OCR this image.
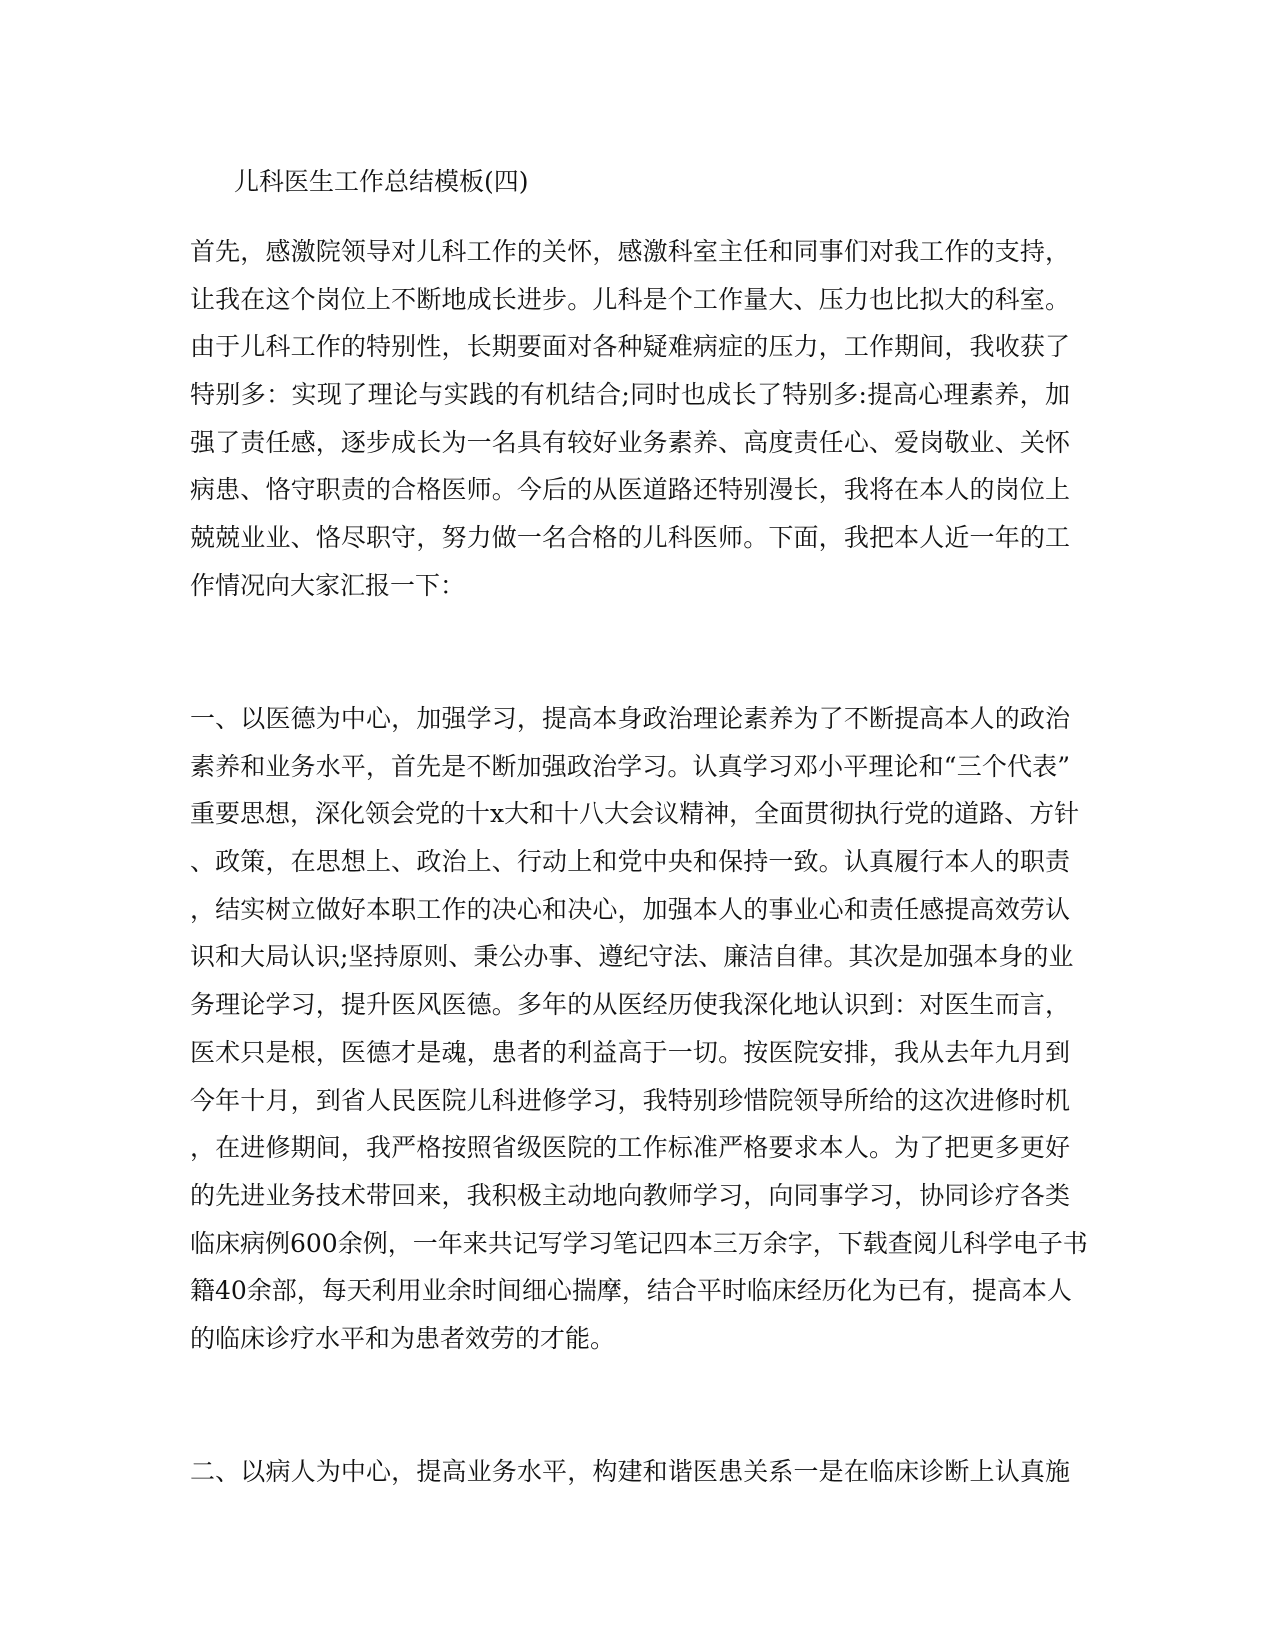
儿科医生工作总结模板(四)
首先，感激院领导对儿科工作的关怀，感激科室主任和同事们对我工作的支持，
让我在这个岗位上不断地成长进步。儿科是个工作量大、压力也比拟大的科室。
由于儿科工作的特别性，长期要面对各种疑难病症的压力，工作期间，我收获了
特别多：实现了理论与实践的有机结合;同时也成长了特别多:提高心理素养，加
强了责任感，逐步成长为一名具有较好业务素养、高度责任心、爱岗敬业、关怀
病患、恪守职责的合格医师。今后的从医道路还特别漫长，我将在本人的岗位上
兢兢业业、恪尽职守，努力做一名合格的儿科医师。下面，我把本人近一年的工
作情况向大家汇报一下：
一、以医德为中心，加强学习，提高本身政治理论素养为了不断提高本人的政治
素养和业务水平，首先是不断加强政治学习。认真学习邓小平理论和“三个代表”
重要思想，深化领会党的十x大和十八大会议精神，全面贯彻执行党的道路、方针
、政策，在思想上、政治上、行动上和党中央和保持一致。认真履行本人的职责
，结实树立做好本职工作的决心和决心，加强本人的事业心和责任感提高效劳认
识和大局认识;坚持原则、秉公办事、遵纪守法、廉洁自律。其次是加强本身的业
务理论学习，提升医风医德。多年的从医经历使我深化地认识到：对医生而言，
医术只是根，医德才是魂，患者的利益高于一切。按医院安排，我从去年九月到
今年十月，到省人民医院儿科进修学习，我特别珍惜院领导所给的这次进修时机
，在进修期间，我严格按照省级医院的工作标准严格要求本人。为了把更多更好
的先进业务技术带回来，我积极主动地向教师学习，向同事学习，协同诊疗各类
临床病例600余例，一年来共记写学习笔记四本三万余字，下载查阅儿科学电子书
籍40余部，每天利用业余时间细心揣摩，结合平时临床经历化为已有，提高本人
的临床诊疗水平和为患者效劳的才能。
二、以病人为中心，提高业务水平，构建和谐医患关系一是在临床诊断上认真施
